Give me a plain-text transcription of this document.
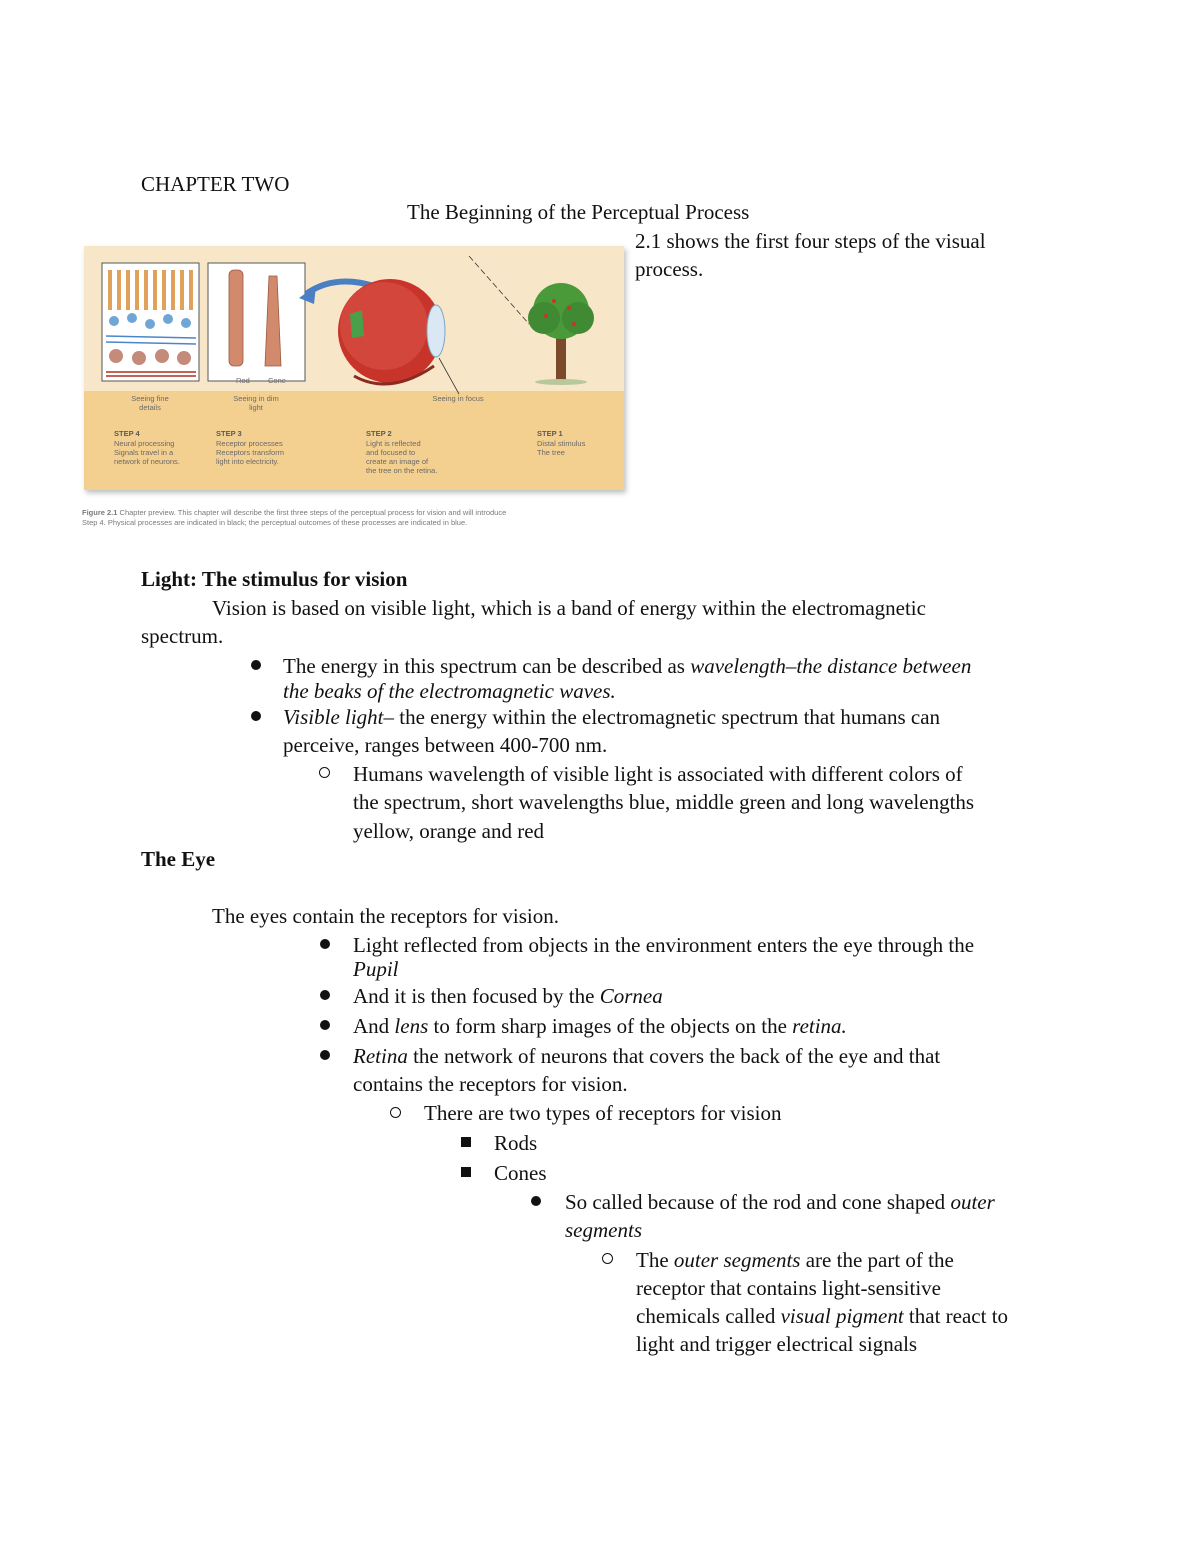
CHAPTER TWO
The Beginning of the Perceptual Process
2.1 shows the first four steps of the visual
process.
Rod Cone
Seeing fine details
Seeing in dim light
Seeing in focus
STEP 4
Neural processing
Signals travel in a
network of neurons.
STEP 3
Receptor processes
Receptors transform
light into electricity.
STEP 2
Light is reflected
and focused to
create an image of
the tree on the retina.
STEP 1
Distal stimulus
The tree
Figure 2.1 Chapter preview. This chapter will describe the first three steps of the perceptual process for vision and will introduce Step 4. Physical processes are indicated in black; the perceptual outcomes of these processes are indicated in blue.
Light: The stimulus for vision
Vision is based on visible light, which is a band of energy within the electromagnetic
spectrum.
The energy in this spectrum can be described as wavelength–the distance between
the beaks of the electromagnetic waves.
Visible light– the energy within the electromagnetic spectrum that humans can
perceive, ranges between 400-700 nm.
Humans wavelength of visible light is associated with different colors of
the spectrum, short wavelengths blue, middle green and long wavelengths
yellow, orange and red
The Eye
The eyes contain the receptors for vision.
Light reflected from objects in the environment enters the eye through the
Pupil
And it is then focused by the Cornea
And lens to form sharp images of the objects on the retina.
Retina the network of neurons that covers the back of the eye and that
contains the receptors for vision.
There are two types of receptors for vision
Rods
Cones
So called because of the rod and cone shaped outer
segments
The outer segments are the part of the
receptor that contains light-sensitive
chemicals called visual pigment that react to
light and trigger electrical signals
